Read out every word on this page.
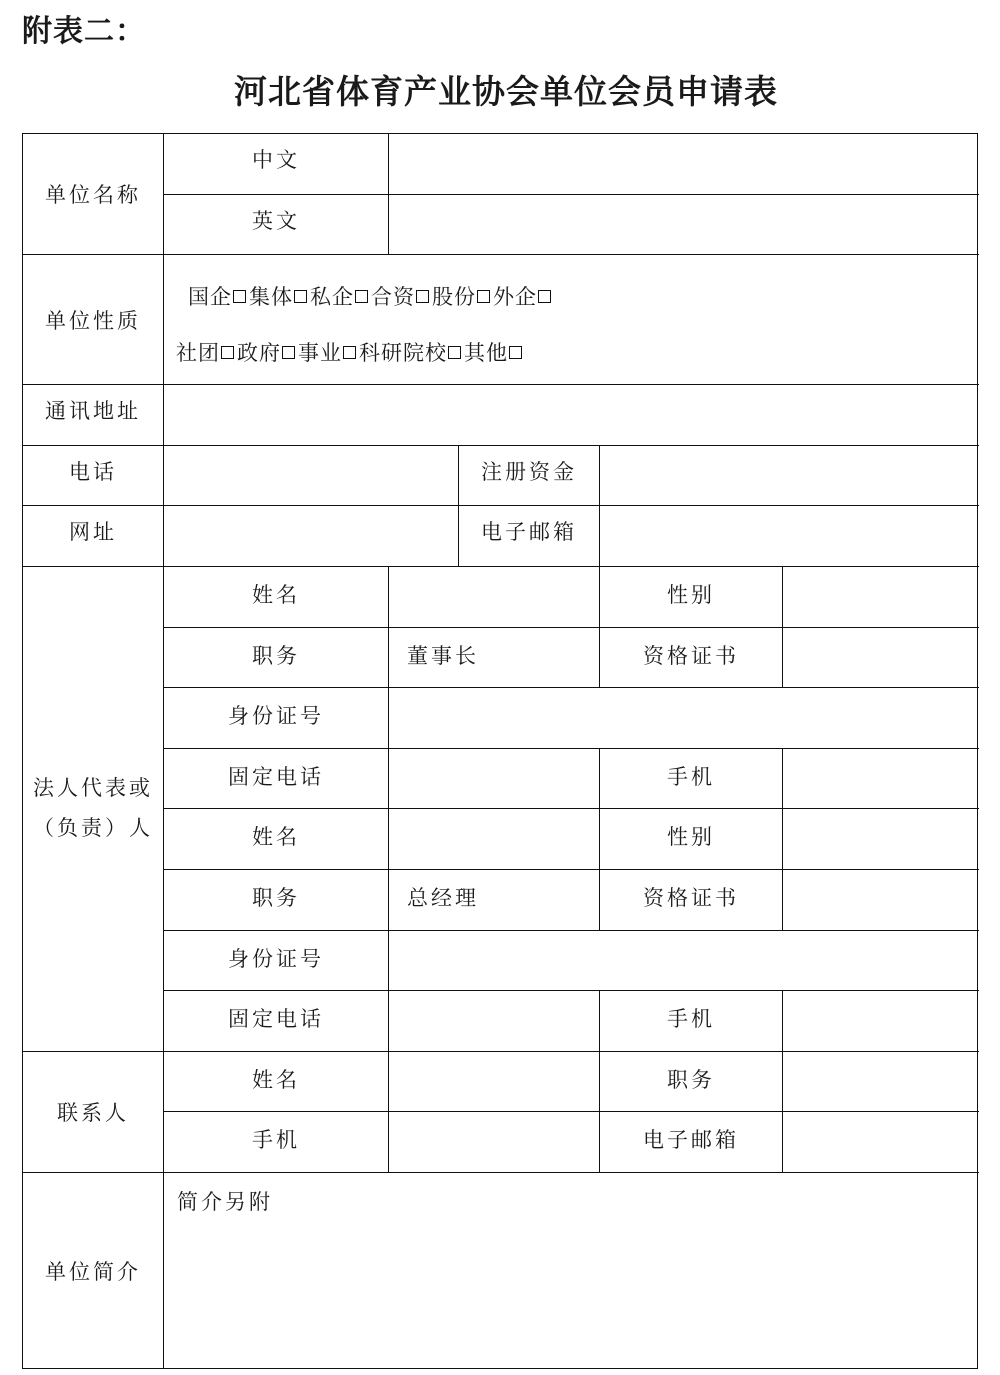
附表二：
河北省体育产业协会单位会员申请表
单位名称
中文
英文
单位性质
国企 集体 私企 合资 股份 外企
社团 政府 事业 科研院校 其他
通讯地址
电话	注册资金
网址	电子邮箱
法人代表或
（负责）人
姓名	性别
职务	董事长	资格证书
身份证号
固定电话	手机
姓名	性别
职务	总经理	资格证书
身份证号
固定电话	手机
联系人
姓名	职务
手机	电子邮箱
单位简介
简介另附
